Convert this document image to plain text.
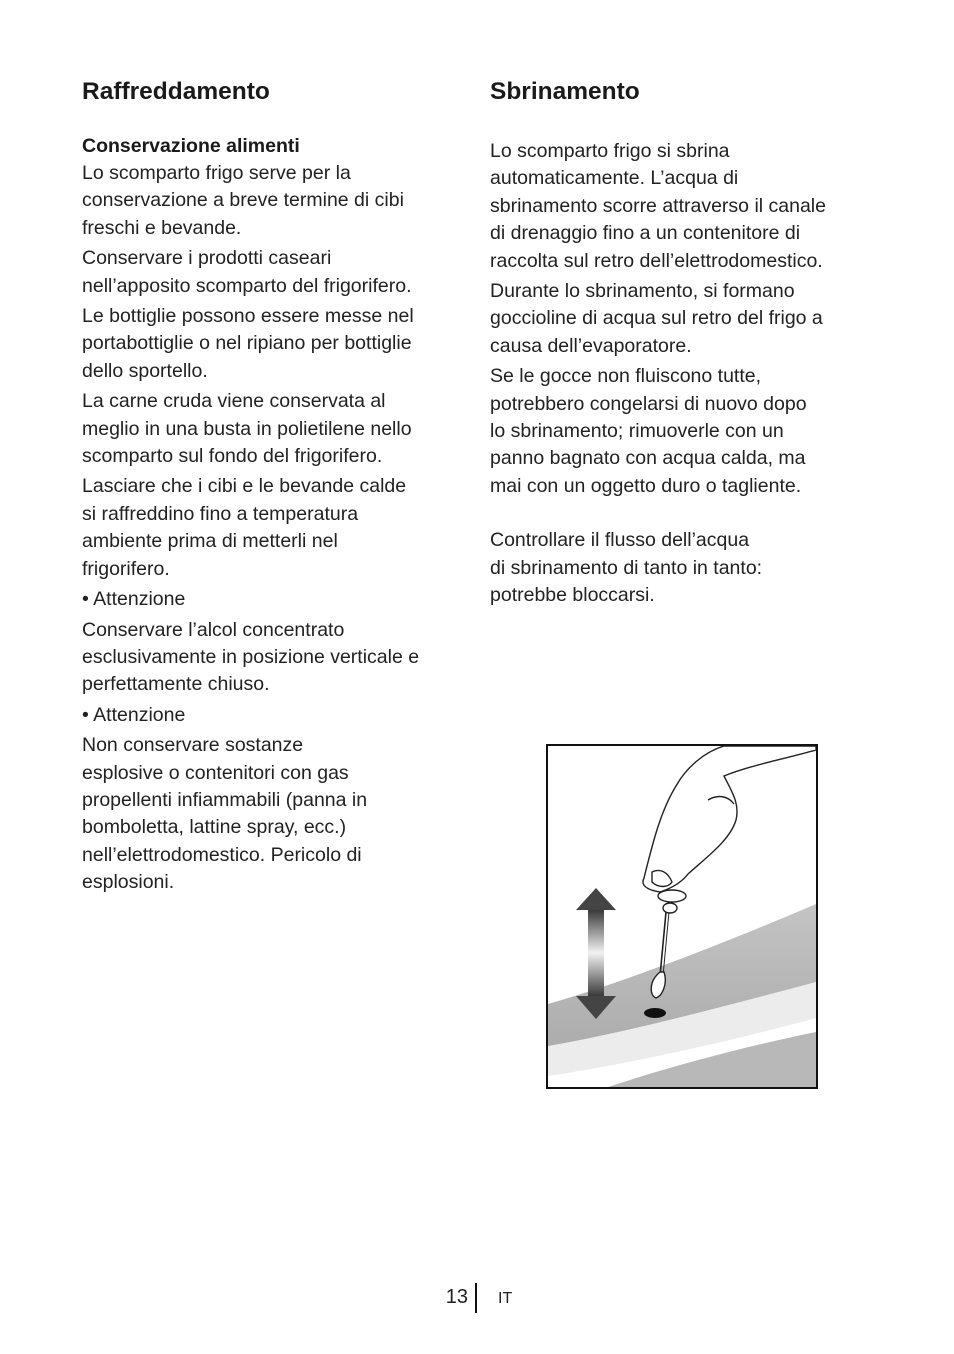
Raffreddamento
Conservazione alimenti

Lo scomparto frigo serve per la
conservazione a breve termine di cibi
freschi e bevande.

Conservare i prodotti caseari
nell’apposito scomparto del frigorifero.

Le bottiglie possono essere messe nel
portabottiglie o nel ripiano per bottiglie
dello sportello.

La carne cruda viene conservata al
meglio in una busta in polietilene nello
scomparto sul fondo del frigorifero.

Lasciare che i cibi e le bevande calde
si raffreddino fino a temperatura
ambiente prima di metterli nel
frigorifero.

• Attenzione

Conservare l’alcol concentrato
esclusivamente in posizione verticale e
perfettamente chiuso.

• Attenzione

Non conservare sostanze
esplosive o contenitori con gas
propellenti infiammabili (panna in
bomboletta, lattine spray, ecc.)
nell’elettrodomestico. Pericolo di
esplosioni.

Sbrinamento

Lo scomparto frigo si sbrina
automaticamente. L’acqua di
sbrinamento scorre attraverso il canale
di drenaggio fino a un contenitore di
raccolta sul retro dell’elettrodomestico.

Durante lo sbrinamento, si formano
goccioline di acqua sul retro del frigo a
causa dell’evaporatore.

Se le gocce non fluiscono tutte,
potrebbero congelarsi di nuovo dopo
lo sbrinamento; rimuoverle con un
panno bagnato con acqua calda, ma
mai con un oggetto duro o tagliente.

Controllare il flusso dell’acqua
di sbrinamento di tanto in tanto:
potrebbe bloccarsi.

13 IT
